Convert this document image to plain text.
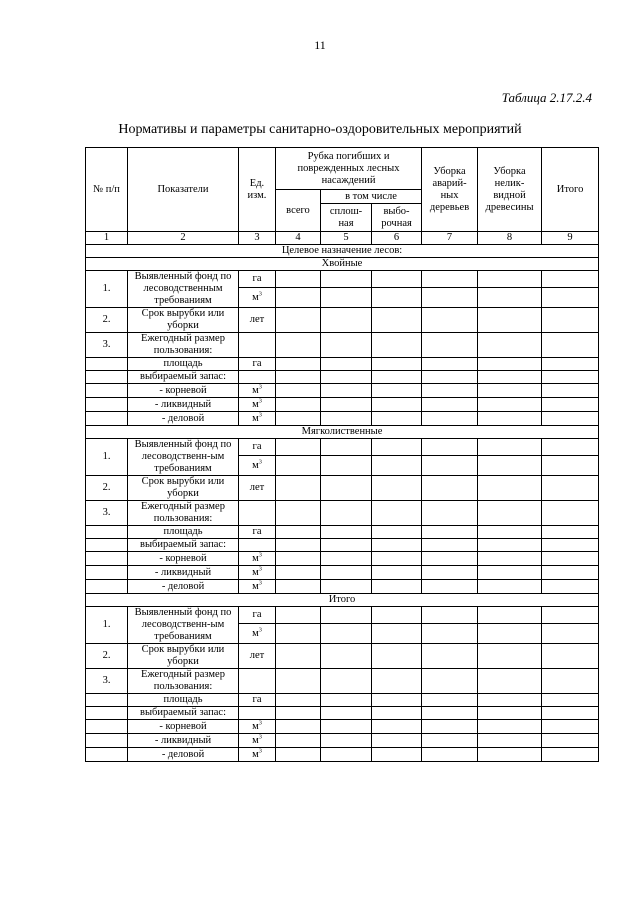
11
Таблица 2.17.2.4
Нормативы и параметры санитарно-оздоровительных мероприятий
№ п/п	Показатели	Ед. изм.	Рубка погибших и поврежденных лесных насаждений			Уборка аварий-ных деревьев	Уборка нелик-видной древесины	Итого
			всего	в том числе				
				сплош-ная	выбо-рочная			
1	2	3	4	5	6	7	8	9
Целевое назначение лесов:								
Хвойные								
1.	Выявленный фонд по лесоводственным требованиям	га						
		$м^3$						
2.	Срок вырубки или уборки	лет						
3.	Ежегодный размер пользования:							
	площадь	га						
	выбираемый запас:							
	- корневой	$м^3$						
	- ликвидный	$м^3$						
	- деловой	$м^3$						
Мягколиственные								
1.	Выявленный фонд по лесоводственн-ым требованиям	га						
		$м^3$						
2.	Срок вырубки или уборки	лет						
3.	Ежегодный размер пользования:							
	площадь	га						
	выбираемый запас:							
	- корневой	$м^3$						
	- ликвидный	$м^3$						
	- деловой	$м^3$						
Итого								
1.	Выявленный фонд по лесоводственн-ым требованиям	га						
		$м^3$						
2.	Срок вырубки или уборки	лет						
3.	Ежегодный размер пользования:							
	площадь	га						
	выбираемый запас:							
	- корневой	$м^3$						
	- ликвидный	$м^3$						
	- деловой	$м^3$						
